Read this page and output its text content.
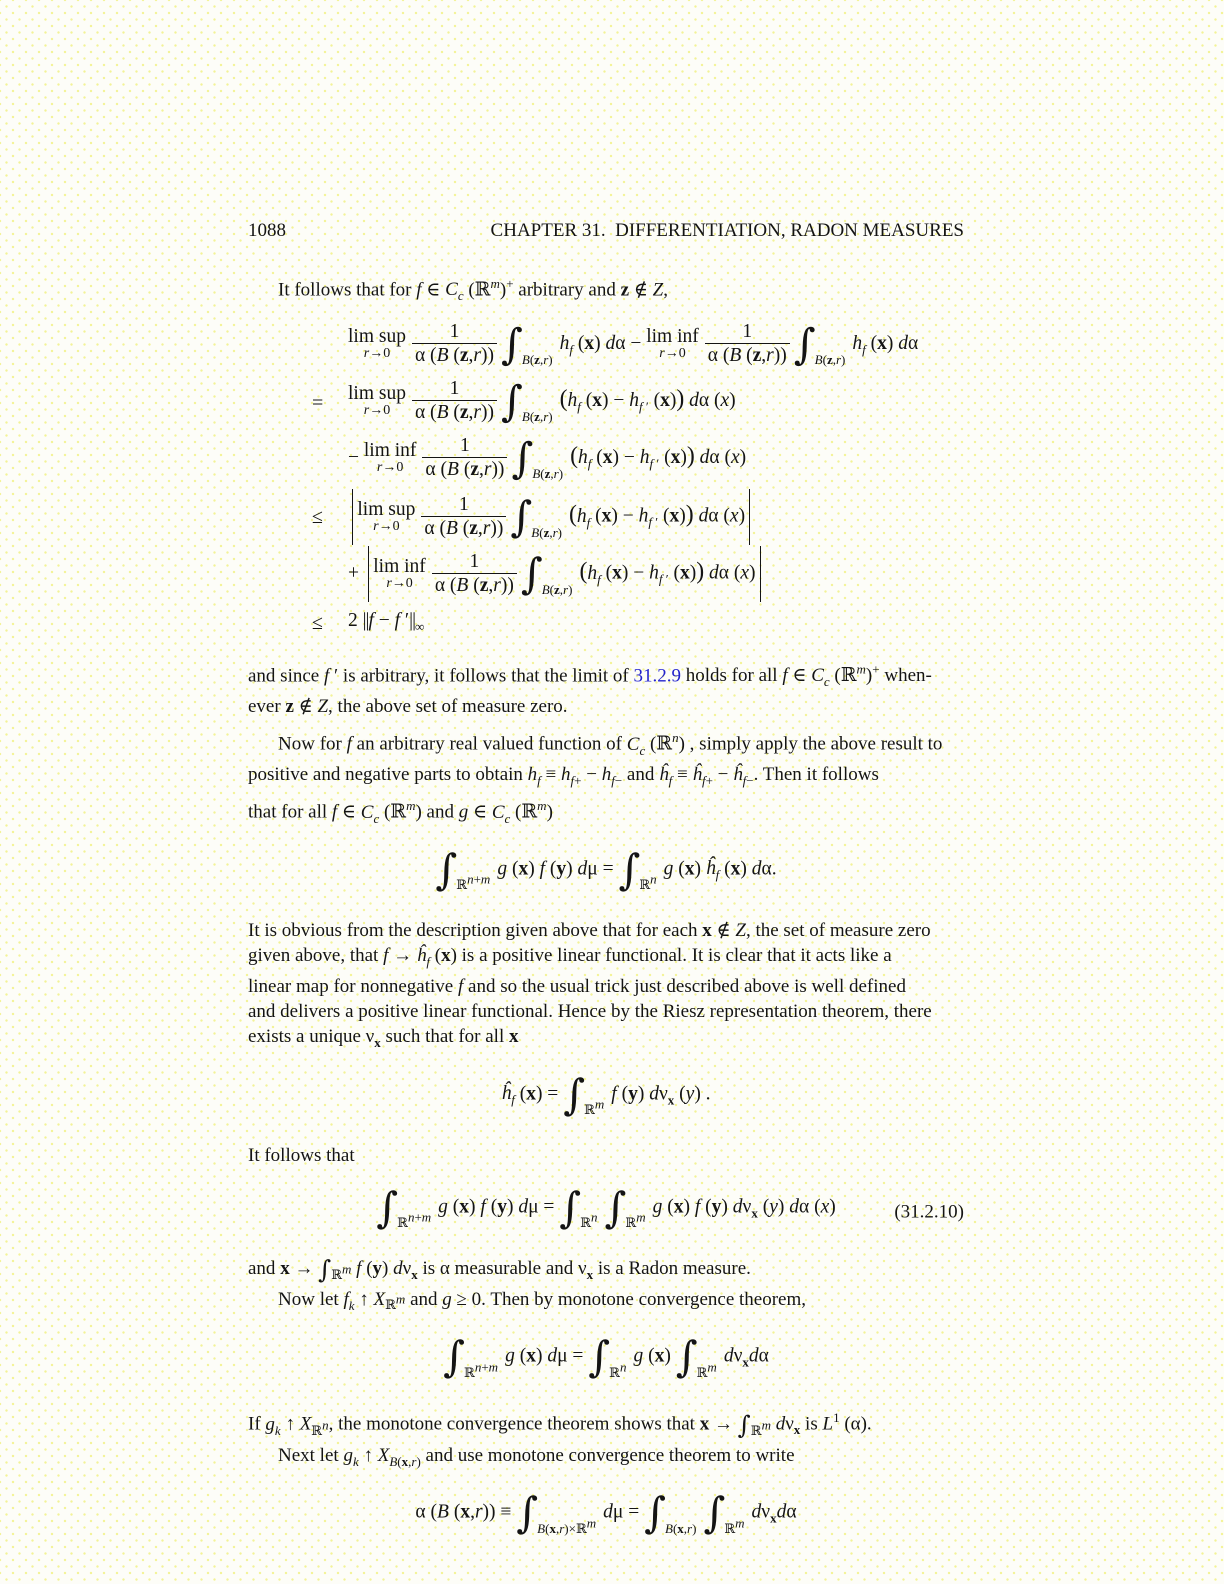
1088	CHAPTER 31.  DIFFERENTIATION, RADON MEASURES

It follows that for f ∈ $C_c$ (ℝ$^m$)+ arbitrary and z ∉ Z,

lim sup
r→0	$\frac{1}{\alpha (B (z,r))} \int_{B(z,r)}h_f$ (x) dα − lim inf
$r\to 0 \frac{1}{\alpha (B (z,r))} \int_{B(z,r)}h_f$ (x) dα
=	lim sup
r→0	$\frac{1}{\alpha (B (z,r))} \int_{B(z,r)}(h_f$ $(x) - h_{f '}$ (x)) dα (x)
− lim inf
$r\to 0 \frac{1}{\alpha (B (z,r))} \int_{B(z,r)}(h_f$ $(x) - h_{f '}$ (x)) dα (x)
≤	lim sup
r→0	$\frac{1}{\alpha (B (z,r))} \int_{B(z,r)}(h_f$ $(x) - h_{f '}$ (x)) dα (x)
+ lim inf
$r\to 0 \frac{1}{\alpha (B (z,r))} \int_{B(z,r)}(h_f$ $(x) - h_{f '}$ (x)) dα (x)
≤	2 ||f − f $'||_\infty$

and since f ′ is arbitrary, it follows that the limit of 31.2.9 holds for all f ∈ $C_c$ (ℝ$^m$)+ when-
ever z ∉ Z, the above set of measure zero.

Now for f an arbitrary real valued function of $C_c$ (ℝ$^n$) , simply apply the above result to
positive and negative parts to obtain $h_f \equiv h_{f+} - h_{f-}$ and $ĥ_f$ ≡ $ĥ_{f+}$ − $ĥ_{f-}$. Then it follows
that for all f ∈ $C_c$ (ℝ$^m$) and g ∈ $C_c$ (ℝ$^m$)

$\int_{ℝ^{n+m}}g$ (x) f (y) $d\mu = \int_{ℝ^n}g$ (x) $ĥ_f$ (x) dα.

It is obvious from the description given above that for each x ∉ Z, the set of measure zero
given above, that $f \to ĥ_f$ (x) is a positive linear functional. It is clear that it acts like a
linear map for nonnegative f and so the usual trick just described above is well defined
and delivers a positive linear functional. Hence by the Riesz representation theorem, there
exists a unique $\nu_x$ such that for all x

$ĥ_f$ $(x) = \int_{ℝ^m}f$ (y) $d\nu_x$ (y) .

It follows that

$\int_{ℝ^{n+m}}g$ (x) f (y) $d\mu = \int_{ℝ^n}$ $\int_{ℝ^m}g$ (x) f (y) $d\nu_x$ (y) dα (x)	(31.2.10)

and $x \to \int_{ℝ^m}$ f (y) $d\nu_x$ is α measurable and $\nu_x$ is a Radon measure.
Now let $f_k$ ↑ $X_{ℝ^m}$ and g ≥ 0. Then by monotone convergence theorem,

$\int_{ℝ^{n+m}}g$ (x) $d\mu = \int_{ℝ^n}g$ (x) $\int_{ℝ^m}d\nu_xd\alpha$

If $g_k$ ↑ $X_{ℝ^n}$, the monotone convergence theorem shows that $x \to \int_{ℝ^m}$ $d\nu_x$ is $L^1$ (α).
Next let $g_k$ ↑ $X_{B(x,r)}$ and use monotone convergence theorem to write

α (B $(x,r)) \equiv \int_{B(x,r)\times ℝ^m}d\mu = \int_{B(x,r)}$ $\int_{ℝ^m}d\nu_xd\alpha$
